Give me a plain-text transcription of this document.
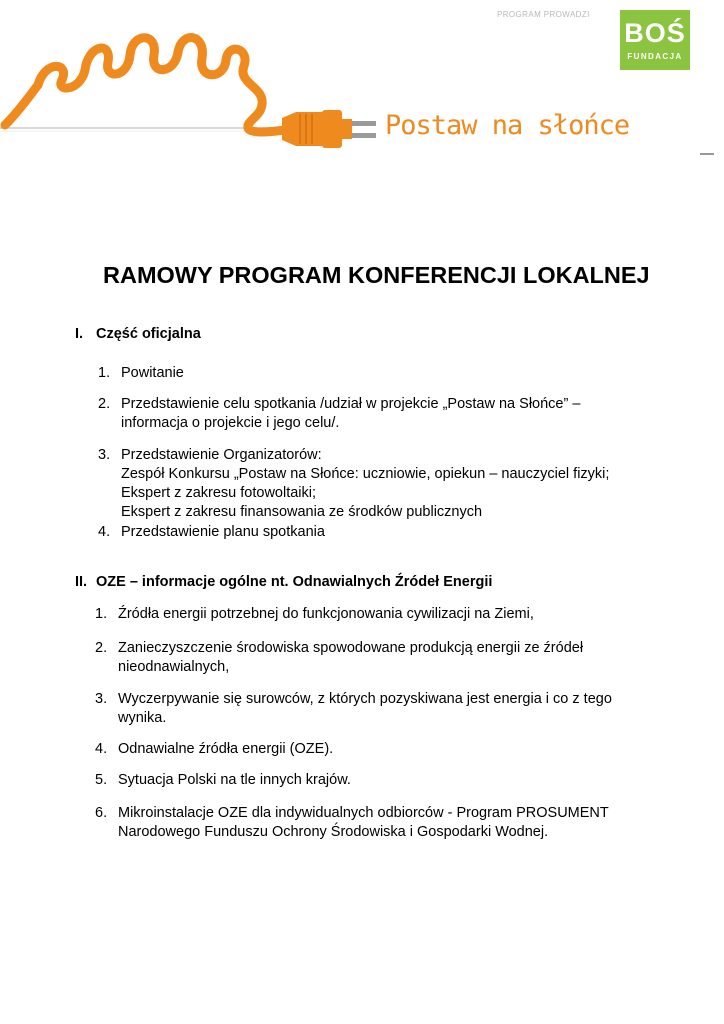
PROGRAM PROWADZI
BOŚ
FUNDACJA
Postaw na słońce
RAMOWY PROGRAM KONFERENCJI LOKALNEJ
I. Część oficjalna
1. Powitanie
2. Przedstawienie celu spotkania /udział w projekcie „Postaw na Słońce” –
informacja o projekcie i jego celu/.
3. Przedstawienie Organizatorów:
Zespół Konkursu „Postaw na Słońce: uczniowie, opiekun – nauczyciel fizyki;
Ekspert z zakresu fotowoltaiki;
Ekspert z zakresu finansowania ze środków publicznych
4. Przedstawienie planu spotkania
II. OZE – informacje ogólne nt. Odnawialnych Źródeł Energii
1. Źródła energii potrzebnej do funkcjonowania cywilizacji na Ziemi,
2. Zanieczyszczenie środowiska spowodowane produkcją energii ze źródeł
nieodnawialnych,
3. Wyczerpywanie się surowców, z których pozyskiwana jest energia i co z tego
wynika.
4. Odnawialne źródła energii (OZE).
5. Sytuacja Polski na tle innych krajów.
6. Mikroinstalacje OZE dla indywidualnych odbiorców - Program PROSUMENT
Narodowego Funduszu Ochrony Środowiska i Gospodarki Wodnej.
